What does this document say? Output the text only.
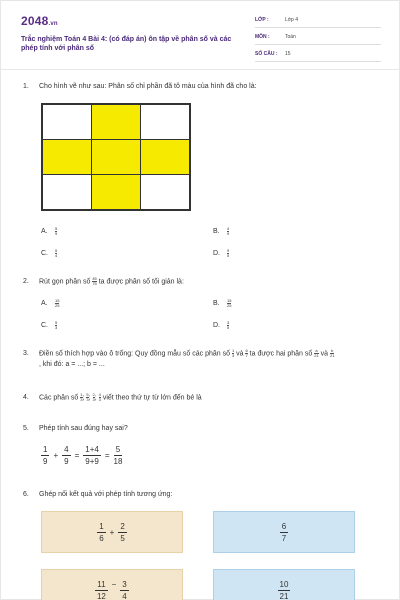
2048.vn
Trắc nghiệm Toán 4 Bài 4: (có đáp án) ôn tập về phân số và các phép tính với phân số
LỚP :	Lớp 4
MÔN :	Toán
SỐ CÂU : 15
1. Cho hình vẽ như sau: Phân số chỉ phần đã tô màu của hình đã cho là:
A. $\frac{5}{9}$	B. $\frac{4}{9}$
C. $\frac{5}{4}$	D. $\frac{9}{5}$
2. Rút gọn phân số $\frac{45}{75}$ ta được phân số tối giản là:
A. $\frac{15}{25}$	B. $\frac{15}{25}$
C. $\frac{5}{3}$	D. $\frac{3}{5}$
3. Điền số thích hợp vào ô trống: Quy đồng mẫu số các phân số $\frac{1}{3}$ và $\frac{6}{7}$ ta được hai phân số $\frac{a}{21}$ và $\frac{b}{21}$
, khi đó: a = ...; b = ...
4. Các phân số $\frac{1}{3}$ ; $\frac{5}{3}$ ; $\frac{2}{3}$ ; $\frac{4}{3}$ viết theo thứ tự từ lớn đến bé là
5. Phép tính sau đúng hay sai?
$\frac{1}{9} + \frac{4}{9} = \frac{1+4}{9+9} = \frac{5}{18}$
6. Ghép nối kết quả với phép tính tương ứng:
$\frac{1}{6} + \frac{2}{5}$	$\frac{6}{7}$
$\frac{11}{12} - \frac{3}{4}$	$\frac{10}{21}$
